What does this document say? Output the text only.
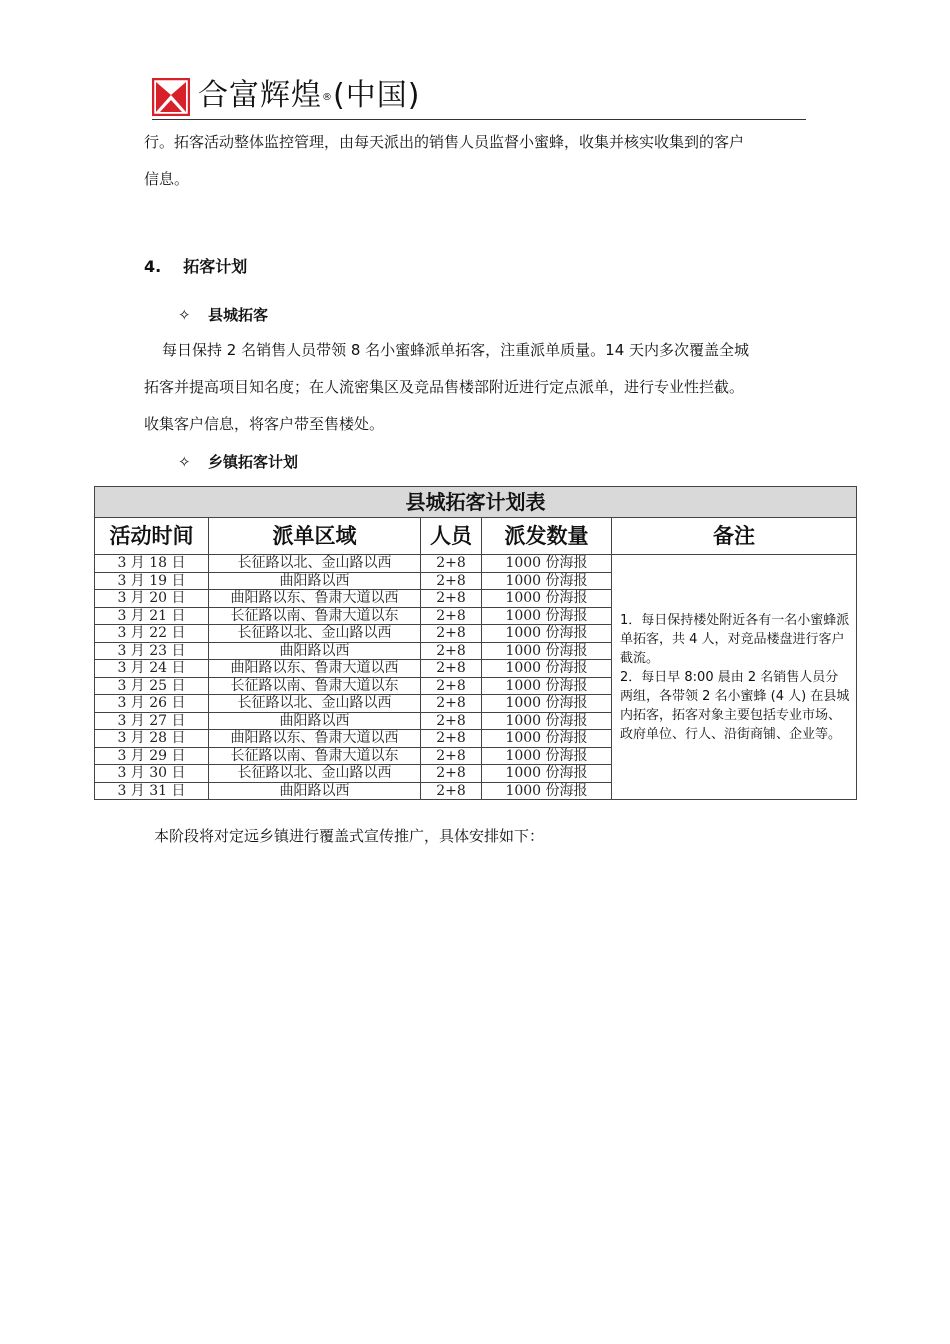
合富辉煌®(中国)
行。拓客活动整体监控管理，由每天派出的销售人员监督小蜜蜂，收集并核实收集到的客户
信息。
4. 拓客计划
✧ 县城拓客
每日保持 2 名销售人员带领 8 名小蜜蜂派单拓客，注重派单质量。14 天内多次覆盖全城
拓客并提高项目知名度；在人流密集区及竞品售楼部附近进行定点派单，进行专业性拦截。
收集客户信息，将客户带至售楼处。
✧ 乡镇拓客计划
县城拓客计划表				
活动时间	派单区域	人员	派发数量	备注
3 月 18 日	长征路以北、金山路以西	2+8	1000 份海报	1．每日保持楼处附近各有一名小蜜蜂派单拓客，共 4 人，对竞品楼盘进行客户截流。

2．每日早 8:00 晨由 2 名销售人员分两组，各带领 2 名小蜜蜂 (4 人) 在县城内拓客，拓客对象主要包括专业市场、政府单位、行人、沿街商铺、企业等。

3 月 19 日	曲阳路以西	2+8	1000 份海报	
3 月 20 日	曲阳路以东、鲁肃大道以西	2+8	1000 份海报	
3 月 21 日	长征路以南、鲁肃大道以东	2+8	1000 份海报	
3 月 22 日	长征路以北、金山路以西	2+8	1000 份海报	
3 月 23 日	曲阳路以西	2+8	1000 份海报	
3 月 24 日	曲阳路以东、鲁肃大道以西	2+8	1000 份海报	
3 月 25 日	长征路以南、鲁肃大道以东	2+8	1000 份海报	
3 月 26 日	长征路以北、金山路以西	2+8	1000 份海报	
3 月 27 日	曲阳路以西	2+8	1000 份海报	
3 月 28 日	曲阳路以东、鲁肃大道以西	2+8	1000 份海报	
3 月 29 日	长征路以南、鲁肃大道以东	2+8	1000 份海报	
3 月 30 日	长征路以北、金山路以西	2+8	1000 份海报	
3 月 31 日	曲阳路以西	2+8	1000 份海报	
本阶段将对定远乡镇进行覆盖式宣传推广，具体安排如下：
